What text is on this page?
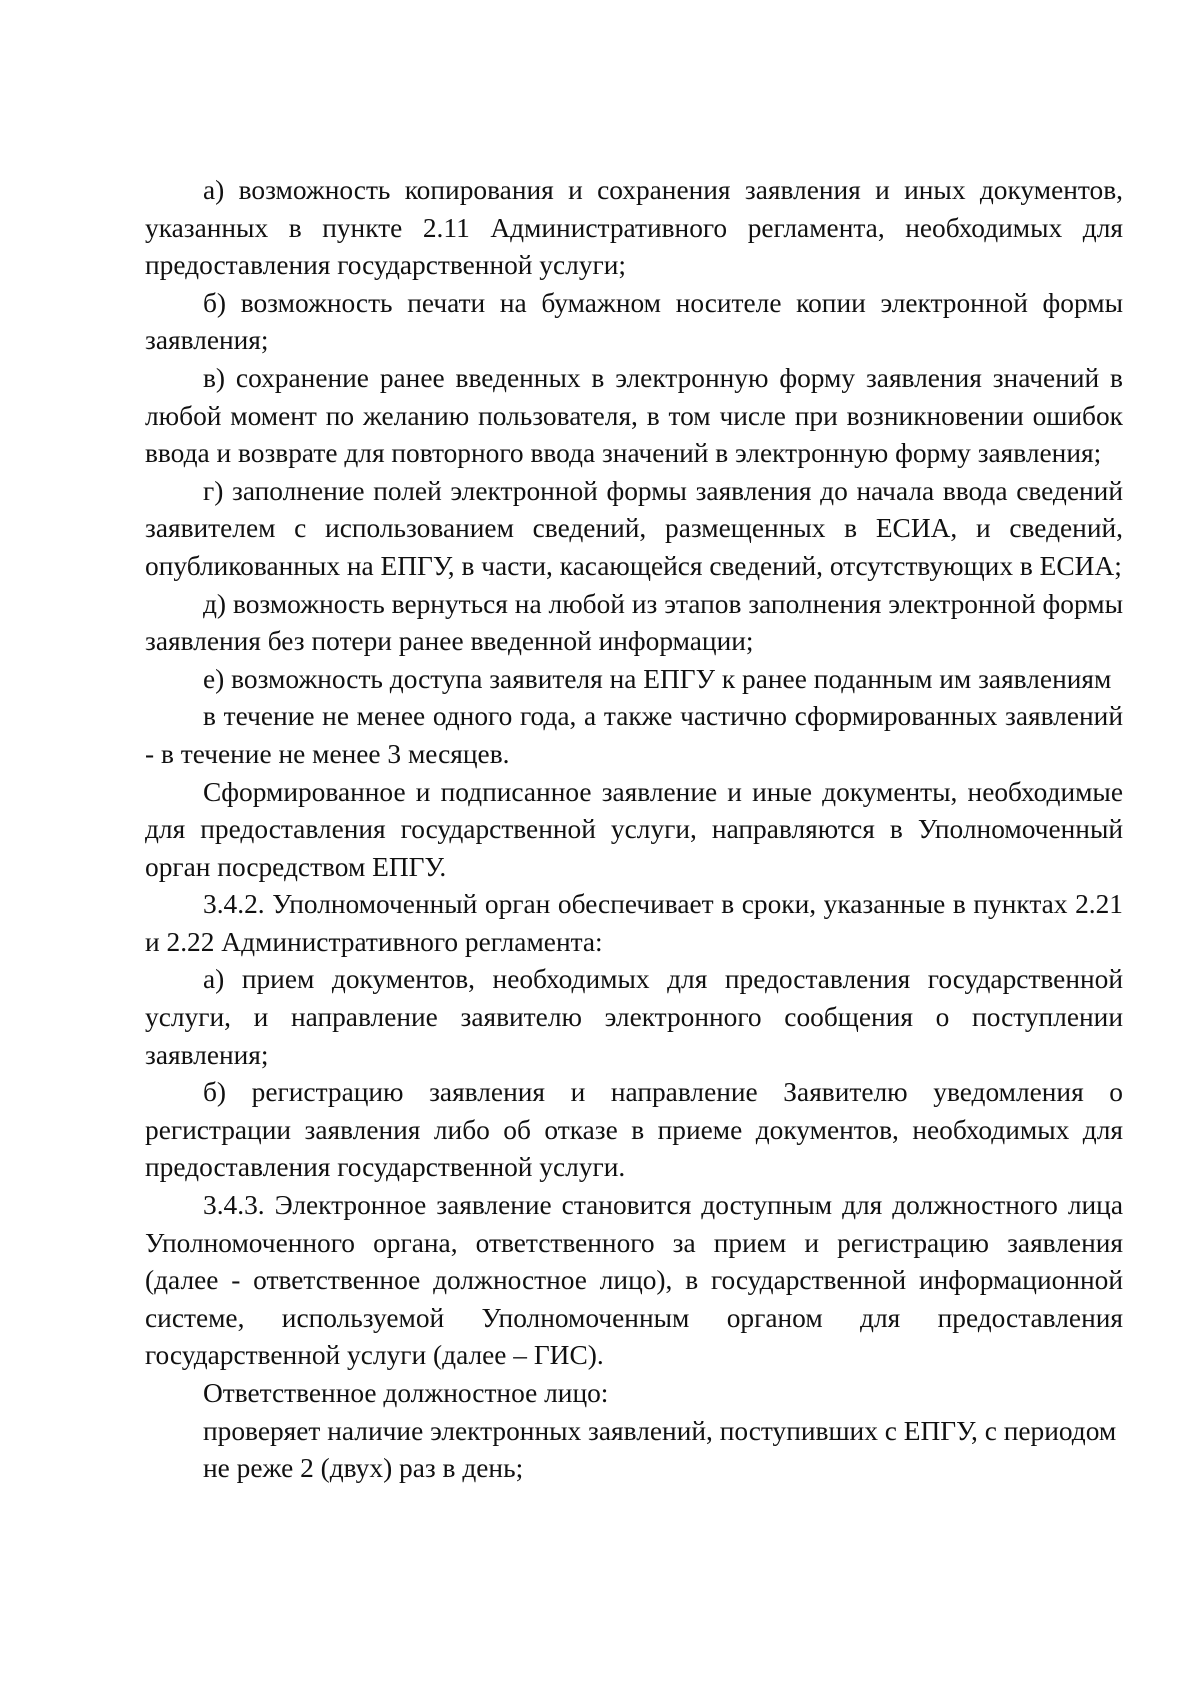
а) возможность копирования и сохранения заявления и иных документов, указанных в пункте 2.11 Административного регламента, необходимых для предоставления государственной услуги;

б) возможность печати на бумажном носителе копии электронной формы заявления;

в) сохранение ранее введенных в электронную форму заявления значений в любой момент по желанию пользователя, в том числе при возникновении ошибок ввода и возврате для повторного ввода значений в электронную форму заявления;

г) заполнение полей электронной формы заявления до начала ввода сведений заявителем с использованием сведений, размещенных в ЕСИА, и сведений, опубликованных на ЕПГУ, в части, касающейся сведений, отсутствующих в ЕСИА;

д) возможность вернуться на любой из этапов заполнения электронной формы заявления без потери ранее введенной информации;

е) возможность доступа заявителя на ЕПГУ к ранее поданным им заявлениям

в течение не менее одного года, а также частично сформированных заявлений - в течение не менее 3 месяцев.

Сформированное и подписанное заявление и иные документы, необходимые для предоставления государственной услуги, направляются в Уполномоченный орган посредством ЕПГУ.

3.4.2. Уполномоченный орган обеспечивает в сроки, указанные в пунктах 2.21 и 2.22 Административного регламента:

а) прием документов, необходимых для предоставления государственной услуги, и направление заявителю электронного сообщения о поступлении заявления;

б) регистрацию заявления и направление Заявителю уведомления о регистрации заявления либо об отказе в приеме документов, необходимых для предоставления государственной услуги.

3.4.3. Электронное заявление становится доступным для должностного лица Уполномоченного органа, ответственного за прием и регистрацию заявления (далее - ответственное должностное лицо), в государственной информационной системе, используемой Уполномоченным органом для предоставления государственной услуги (далее – ГИС).

Ответственное должностное лицо:

проверяет наличие электронных заявлений, поступивших с ЕПГУ, с периодом

не реже 2 (двух) раз в день;
